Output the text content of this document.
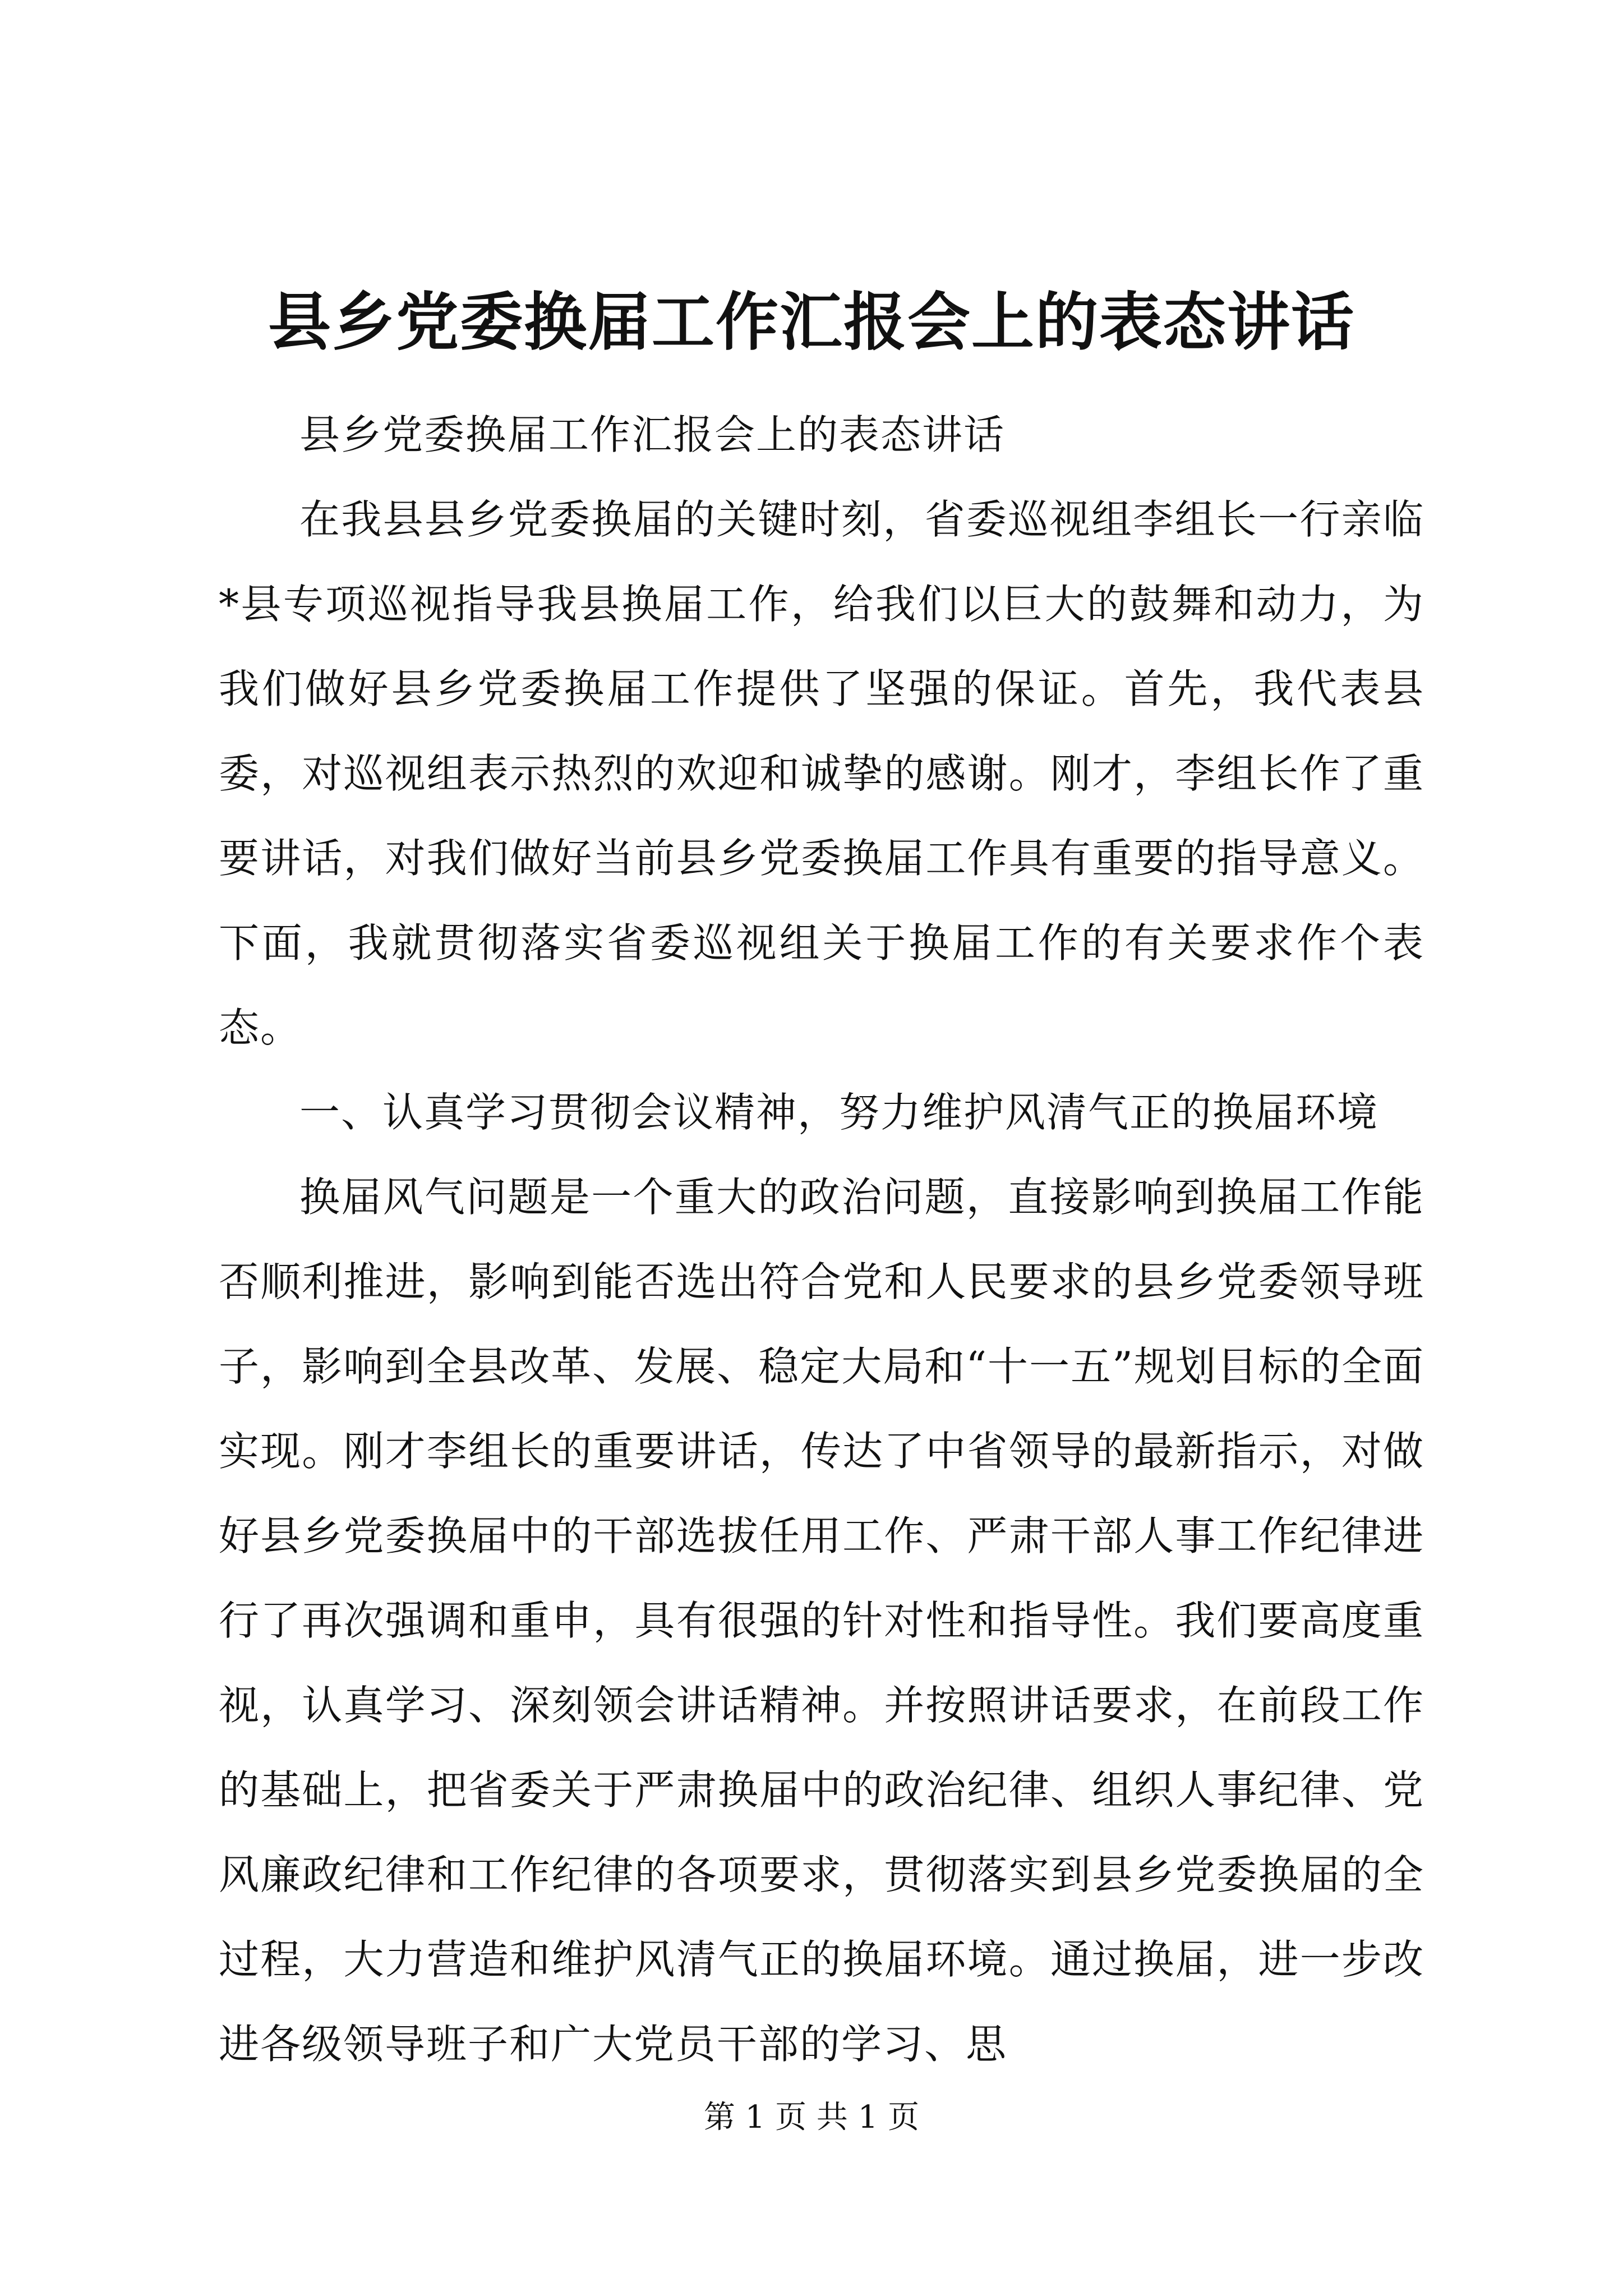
县乡党委换届工作汇报会上的表态讲话

县乡党委换届工作汇报会上的表态讲话

在我县县乡党委换届的关键时刻，省委巡视组李组长一行亲临*县专项巡视指导我县换届工作，给我们以巨大的鼓舞和动力，为我们做好县乡党委换届工作提供了坚强的保证。首先，我代表县委，对巡视组表示热烈的欢迎和诚挚的感谢。刚才，李组长作了重要讲话，对我们做好当前县乡党委换届工作具有重要的指导意义。下面，我就贯彻落实省委巡视组关于换届工作的有关要求作个表态。

一、认真学习贯彻会议精神，努力维护风清气正的换届环境

换届风气问题是一个重大的政治问题，直接影响到换届工作能否顺利推进，影响到能否选出符合党和人民要求的县乡党委领导班子，影响到全县改革、发展、稳定大局和“十一五”规划目标的全面实现。刚才李组长的重要讲话，传达了中省领导的最新指示，对做好县乡党委换届中的干部选拔任用工作、严肃干部人事工作纪律进行了再次强调和重申，具有很强的针对性和指导性。我们要高度重视，认真学习、深刻领会讲话精神。并按照讲话要求，在前段工作的基础上，把省委关于严肃换届中的政治纪律、组织人事纪律、党风廉政纪律和工作纪律的各项要求，贯彻落实到县乡党委换届的全过程，大力营造和维护风清气正的换届环境。通过换届，进一步改进各级领导班子和广大党员干部的学习、思

第 1 页 共 1 页
